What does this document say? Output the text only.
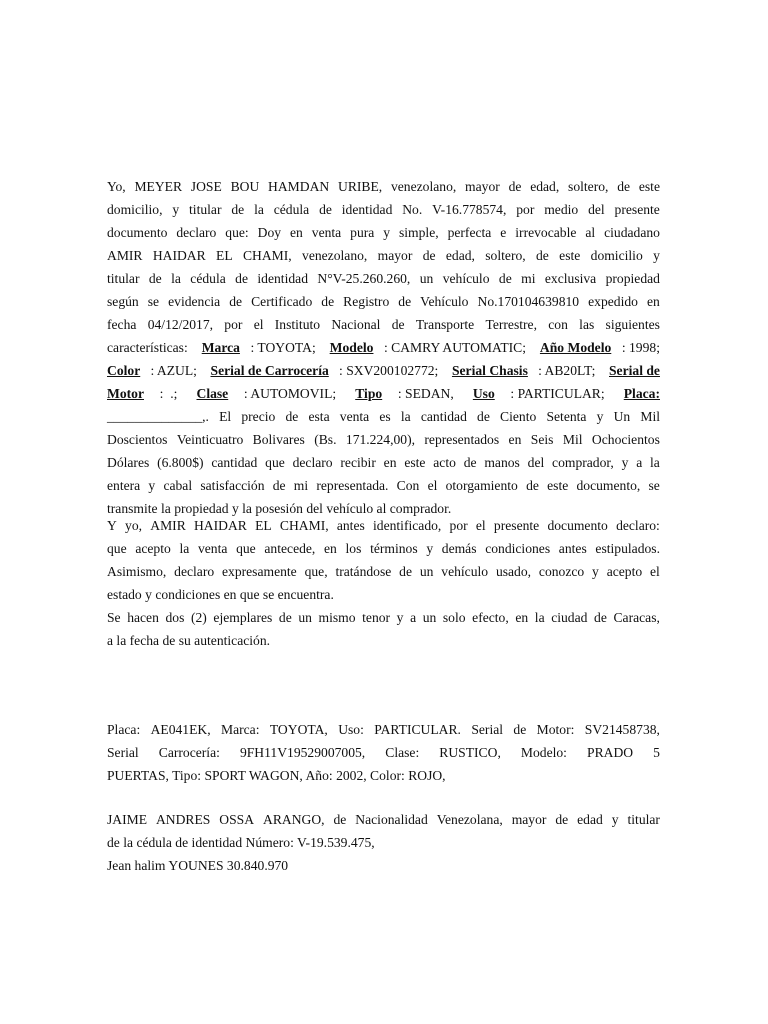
Yo, MEYER JOSE BOU HAMDAN URIBE, venezolano, mayor de edad, soltero, de este
domicilio, y titular de la cédula de identidad No. V-16.778574, por medio del presente
documento declaro que: Doy en venta pura y simple, perfecta e irrevocable al ciudadano
AMIR HAIDAR EL CHAMI, venezolano, mayor de edad, soltero, de este domicilio y
titular de la cédula de identidad N°V-25.260.260, un vehículo de mi exclusiva propiedad
según se evidencia de Certificado de Registro de Vehículo No.170104639810 expedido en
fecha 04/12/2017, por el Instituto Nacional de Transporte Terrestre, con las siguientes
características: Marca : TOYOTA; Modelo : CAMRY AUTOMATIC; Año Modelo : 1998;
Color : AZUL; Serial de Carrocería : SXV200102772; Serial Chasis : AB20LT; Serial de
Motor :  .; Clase : AUTOMOVIL; Tipo : SEDAN, Uso : PARTICULAR; Placa:
______________,. El precio de esta venta es la cantidad de Ciento Setenta y Un Mil
Doscientos Veinticuatro Bolivares (Bs. 171.224,00), representados en Seis Mil Ochocientos
Dólares (6.800$) cantidad que declaro recibir en este acto de manos del comprador, y a la
entera y cabal satisfacción de mi representada. Con el otorgamiento de este documento, se
transmite la propiedad y la posesión del vehículo al comprador.
Y yo, AMIR HAIDAR EL CHAMI, antes identificado, por el presente documento declaro:
que acepto la venta que antecede, en los términos y demás condiciones antes estipulados.
Asimismo, declaro expresamente que, tratándose de un vehículo usado, conozco y acepto el
estado y condiciones en que se encuentra.
Se hacen dos (2) ejemplares de un mismo tenor y a un solo efecto, en la ciudad de Caracas,
a la fecha de su autenticación.
Placa: AE041EK, Marca: TOYOTA, Uso: PARTICULAR. Serial de Motor: SV21458738,
Serial Carrocería: 9FH11V19529007005, Clase: RUSTICO, Modelo: PRADO 5
PUERTAS, Tipo: SPORT WAGON, Año: 2002, Color: ROJO,
JAIME ANDRES OSSA ARANGO, de Nacionalidad Venezolana, mayor de edad y titular
de la cédula de identidad Número: V-19.539.475,
Jean halim YOUNES 30.840.970
